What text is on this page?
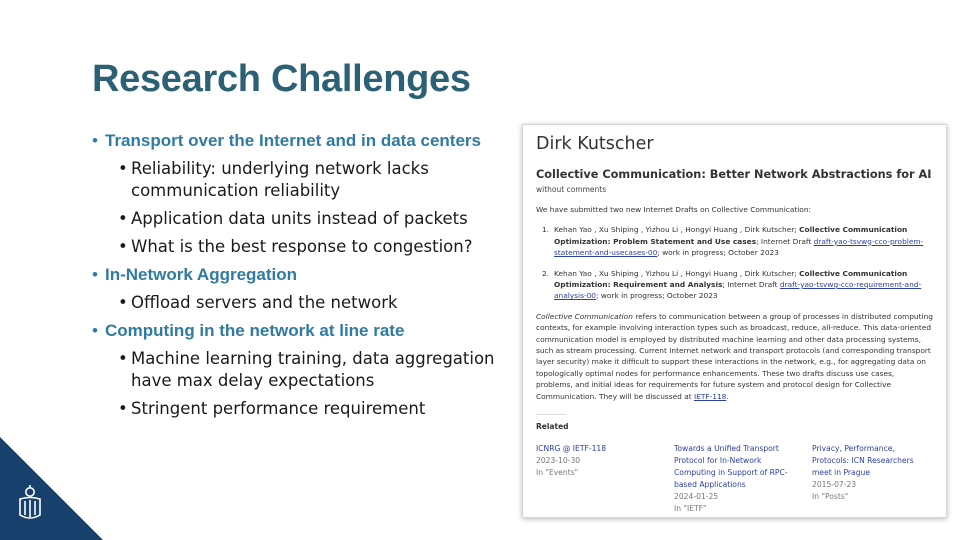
Research Challenges
• Transport over the Internet and in data centers
• Reliability: underlying network lacks communication reliability
• Application data units instead of packets
• What is the best response to congestion?
• In-Network Aggregation
• Offload servers and the network
• Computing in the network at line rate
• Machine learning training, data aggregation have max delay expectations
• Stringent performance requirement
Dirk Kutscher
Collective Communication: Better Network Abstractions for AI
without comments
We have submitted two new Internet Drafts on Collective Communication:
1. Kehan Yao , Xu Shiping , Yizhou Li , Hongyi Huang , Dirk Kutscher; Collective Communication Optimization: Problem Statement and Use cases; Internet Draft draft-yao-tsvwg-cco-problem-statement-and-usecases-00; work in progress; October 2023
2. Kehan Yao , Xu Shiping , Yizhou Li , Hongyi Huang , Dirk Kutscher; Collective Communication Optimization: Requirement and Analysis; Internet Draft draft-yao-tsvwg-cco-requirement-and-analysis-00; work in progress; October 2023
Collective Communication refers to communication between a group of processes in distributed computing contexts, for example involving interaction types such as broadcast, reduce, all-reduce. This data-oriented communication model is employed by distributed machine learning and other data processing systems, such as stream processing. Current Internet network and transport protocols (and corresponding transport layer security) make it difficult to support these interactions in the network, e.g., for aggregating data on topologically optimal nodes for performance enhancements. These two drafts discuss use cases, problems, and initial ideas for requirements for future system and protocol design for Collective Communication. They will be discussed at IETF-118.
Related
ICNRG @ IETF-118
2023-10-30
In "Events"
Towards a Unified Transport Protocol for In-Network Computing in Support of RPC-based Applications
2024-01-25
In "IETF"
Privacy, Performance, Protocols: ICN Researchers meet in Prague
2015-07-23
In "Posts"
